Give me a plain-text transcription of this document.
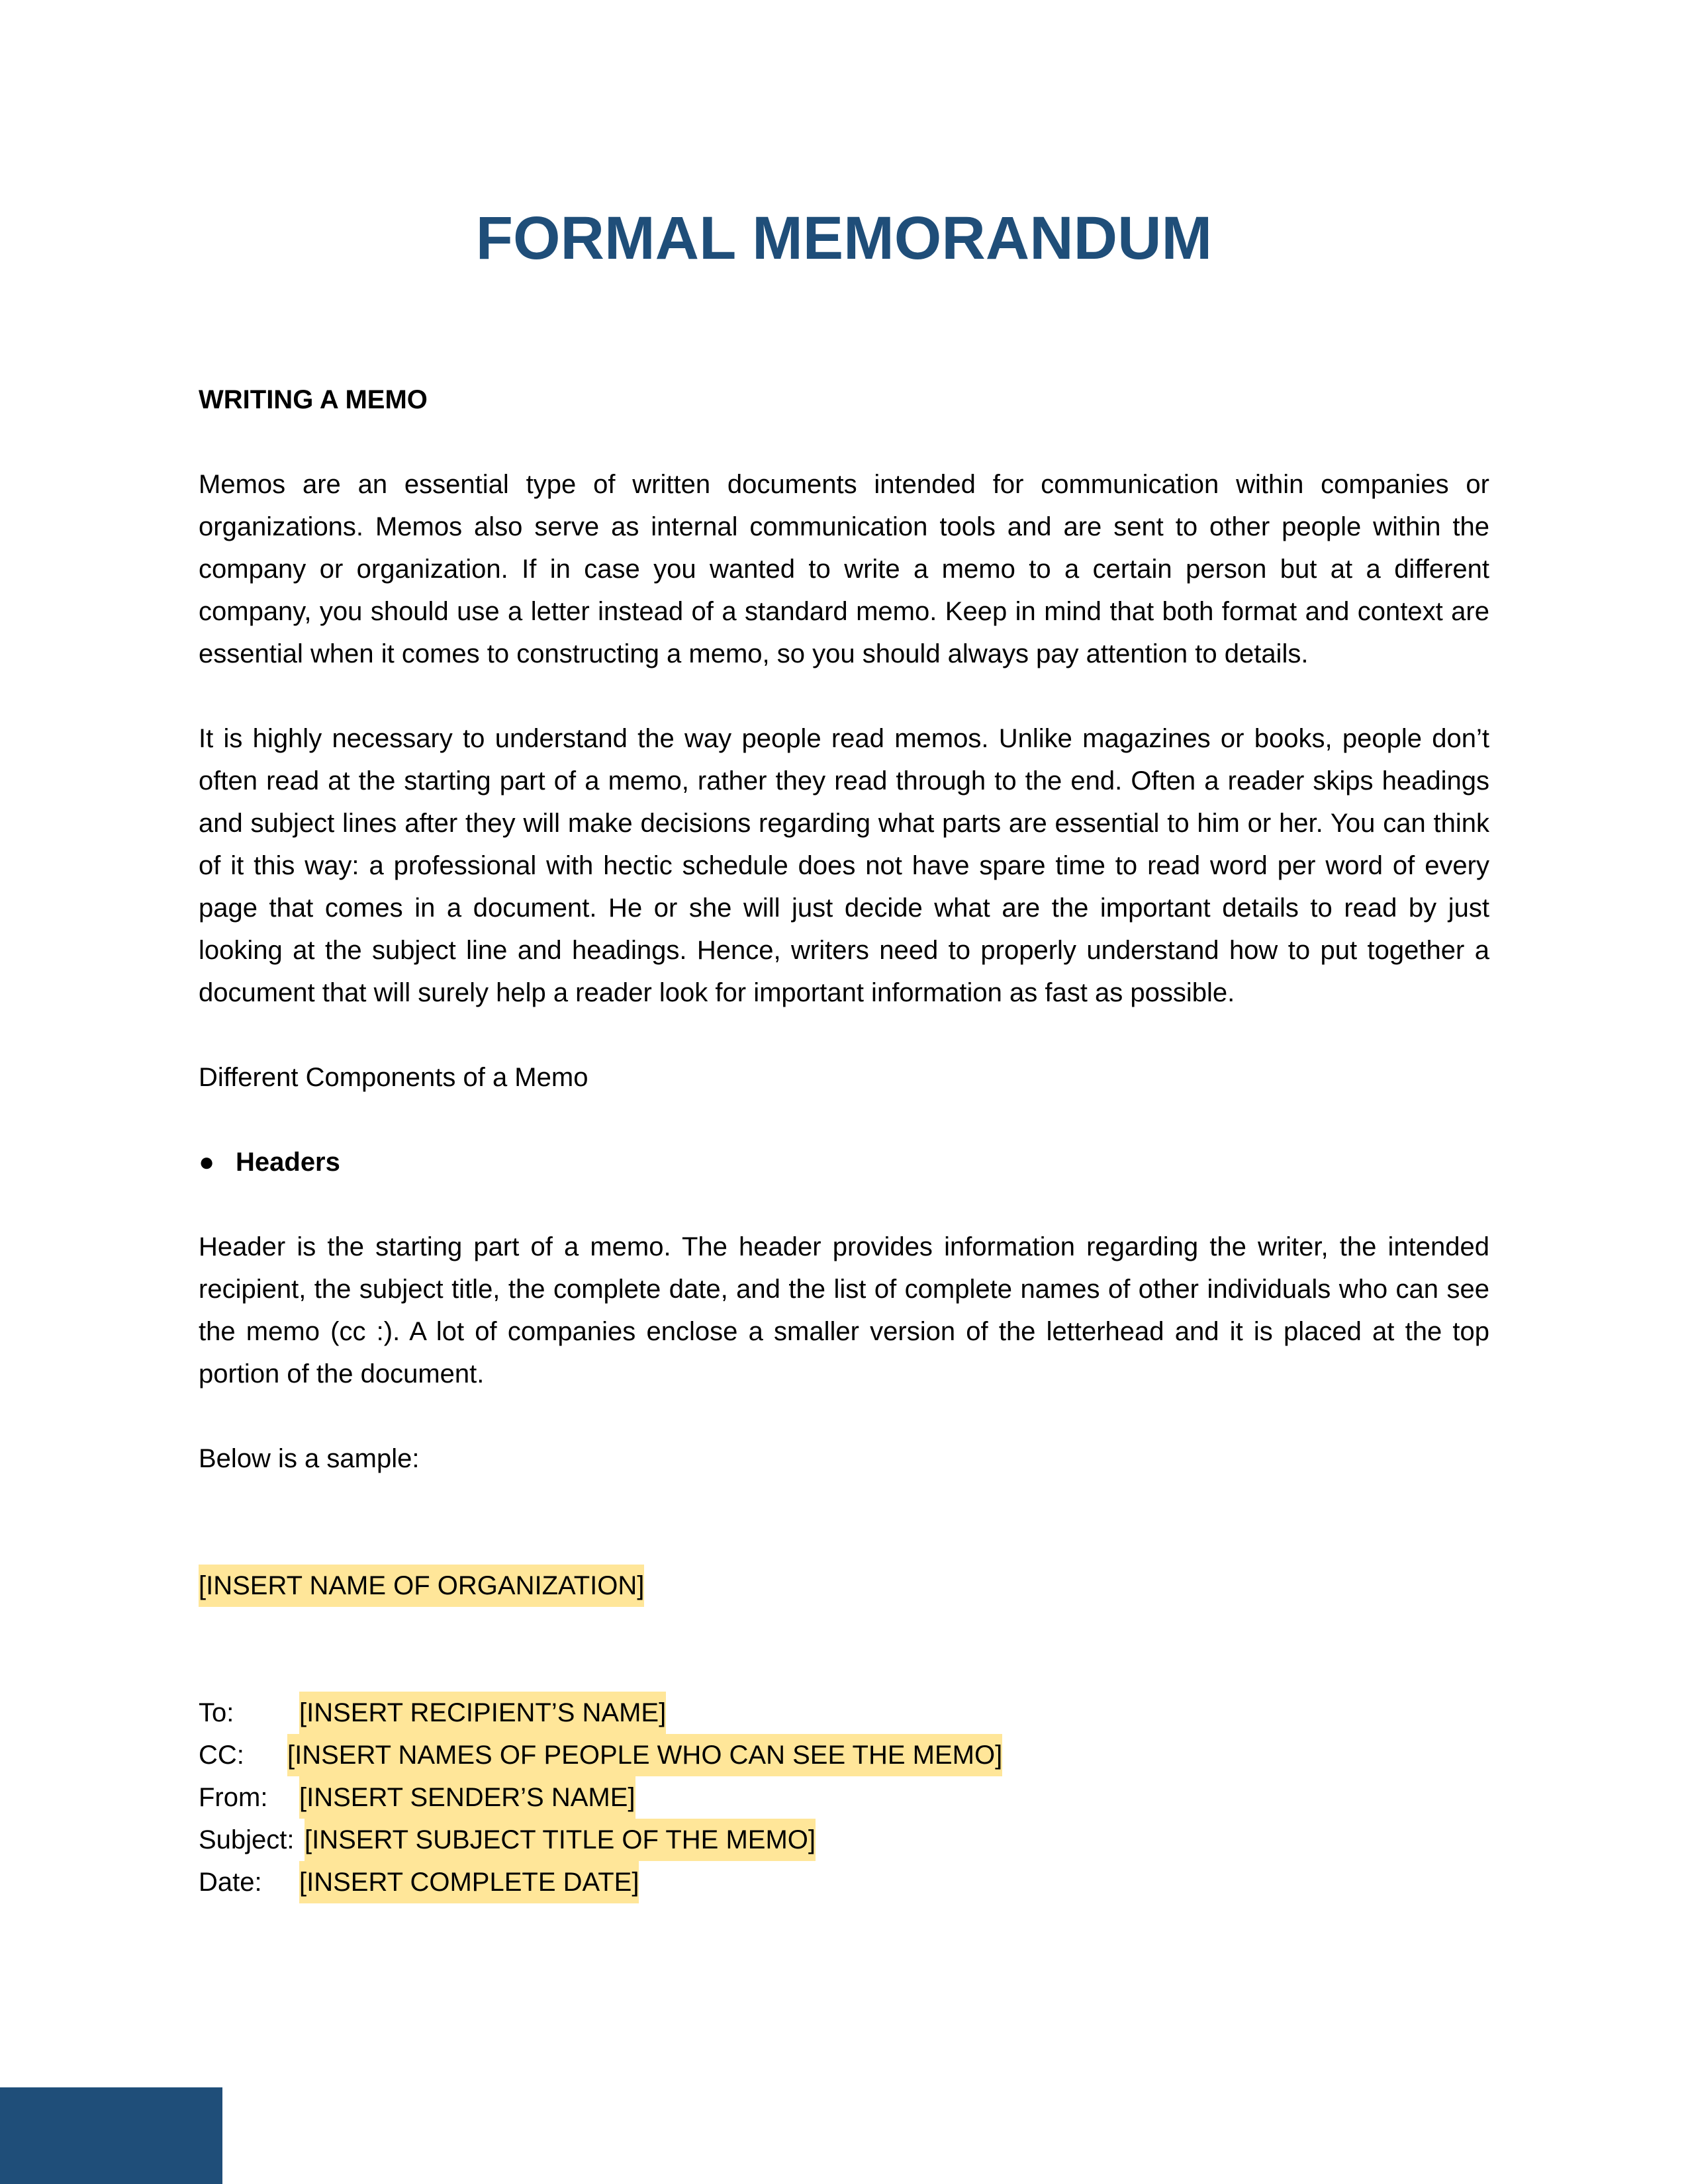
FORMAL MEMORANDUM

WRITING A MEMO

Memos are an essential type of written documents intended for communication within companies or organizations. Memos also serve as internal communication tools and are sent to other people within the company or organization. If in case you wanted to write a memo to a certain person but at a different company, you should use a letter instead of a standard memo. Keep in mind that both format and context are essential when it comes to constructing a memo, so you should always pay attention to details.

It is highly necessary to understand the way people read memos. Unlike magazines or books, people don’t often read at the starting part of a memo, rather they read through to the end. Often a reader skips headings and subject lines after they will make decisions regarding what parts are essential to him or her. You can think of it this way: a professional with hectic schedule does not have spare time to read word per word of every page that comes in a document. He or she will just decide what are the important details to read by just looking at the subject line and headings. Hence, writers need to properly understand how to put together a document that will surely help a reader look for important information as fast as possible.

Different Components of a Memo

● Headers

Header is the starting part of a memo. The header provides information regarding the writer, the intended recipient, the subject title, the complete date, and the list of complete names of other individuals who can see the memo (cc :). A lot of companies enclose a smaller version of the letterhead and it is placed at the top portion of the document.

Below is a sample:

[INSERT NAME OF ORGANIZATION]

To:	[INSERT RECIPIENT’S NAME]

CC:	[INSERT NAMES OF PEOPLE WHO CAN SEE THE MEMO]

From:	[INSERT SENDER’S NAME]

Subject: [INSERT SUBJECT TITLE OF THE MEMO]

Date:	[INSERT COMPLETE DATE]
